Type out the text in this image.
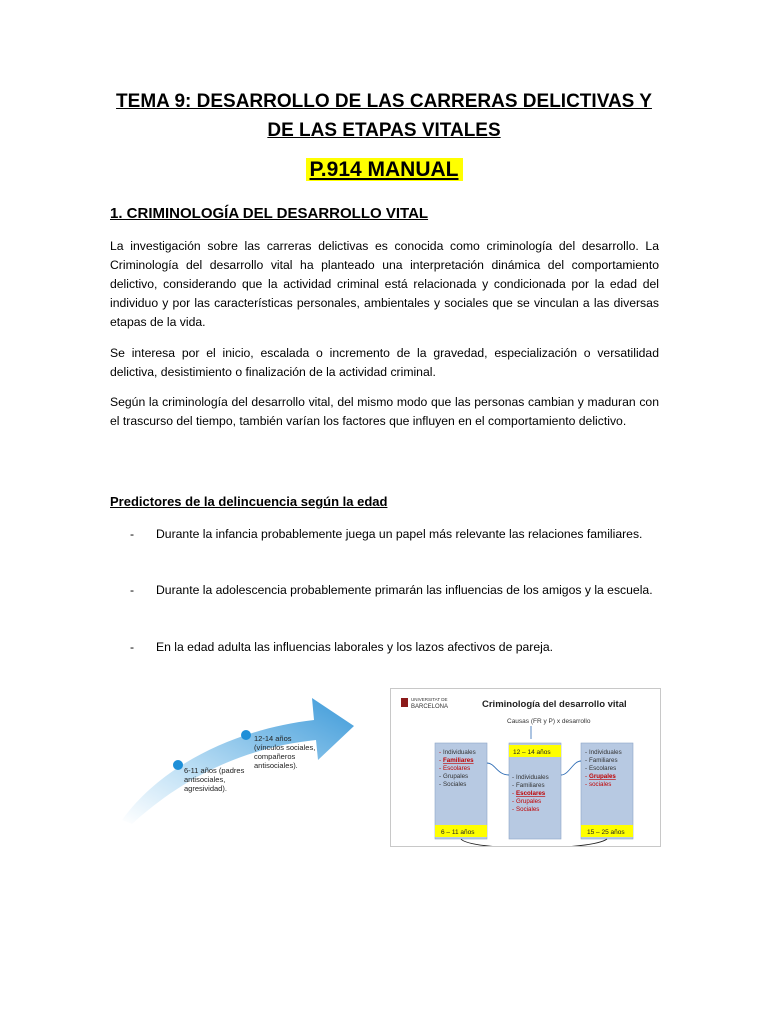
TEMA 9: DESARROLLO DE LAS CARRERAS DELICTIVAS Y
DE LAS ETAPAS VITALES
P.914 MANUAL
1. CRIMINOLOGÍA DEL DESARROLLO VITAL
La investigación sobre las carreras delictivas es conocida como criminología del desarrollo. La Criminología del desarrollo vital ha planteado una interpretación dinámica del comportamiento delictivo, considerando que la actividad criminal está relacionada y condicionada por la edad del individuo y por las características personales, ambientales y sociales que se vinculan a las diversas etapas de la vida.
Se interesa por el inicio, escalada o incremento de la gravedad, especialización o versatilidad delictiva, desistimiento o finalización de la actividad criminal.
Según la criminología del desarrollo vital, del mismo modo que las personas cambian y maduran con el trascurso del tiempo, también varían los factores que influyen en el comportamiento delictivo.
Predictores de la delincuencia según la edad
- Durante la infancia probablemente juega un papel más relevante las relaciones familiares.
- Durante la adolescencia probablemente primarán las influencias de los amigos y la escuela.
- En la edad adulta las influencias laborales y los lazos afectivos de pareja.
6-11 años (padres antisociales, agresividad). 12-14 años (vínculos sociales, compañeros antisociales).
UNIVERSITAT DE
BARCELONA	Criminología del desarrollo vital
Causas (FR y P) x desarrollo
- Individuales - Familiares - Escolares - Grupales - Sociales
6 – 11 años
12 – 14 años
- Individuales - Familiares - Escolares - Grupales - Sociales
- Individuales - Familiares - Escolares - Grupales - sociales
15 – 25 años
